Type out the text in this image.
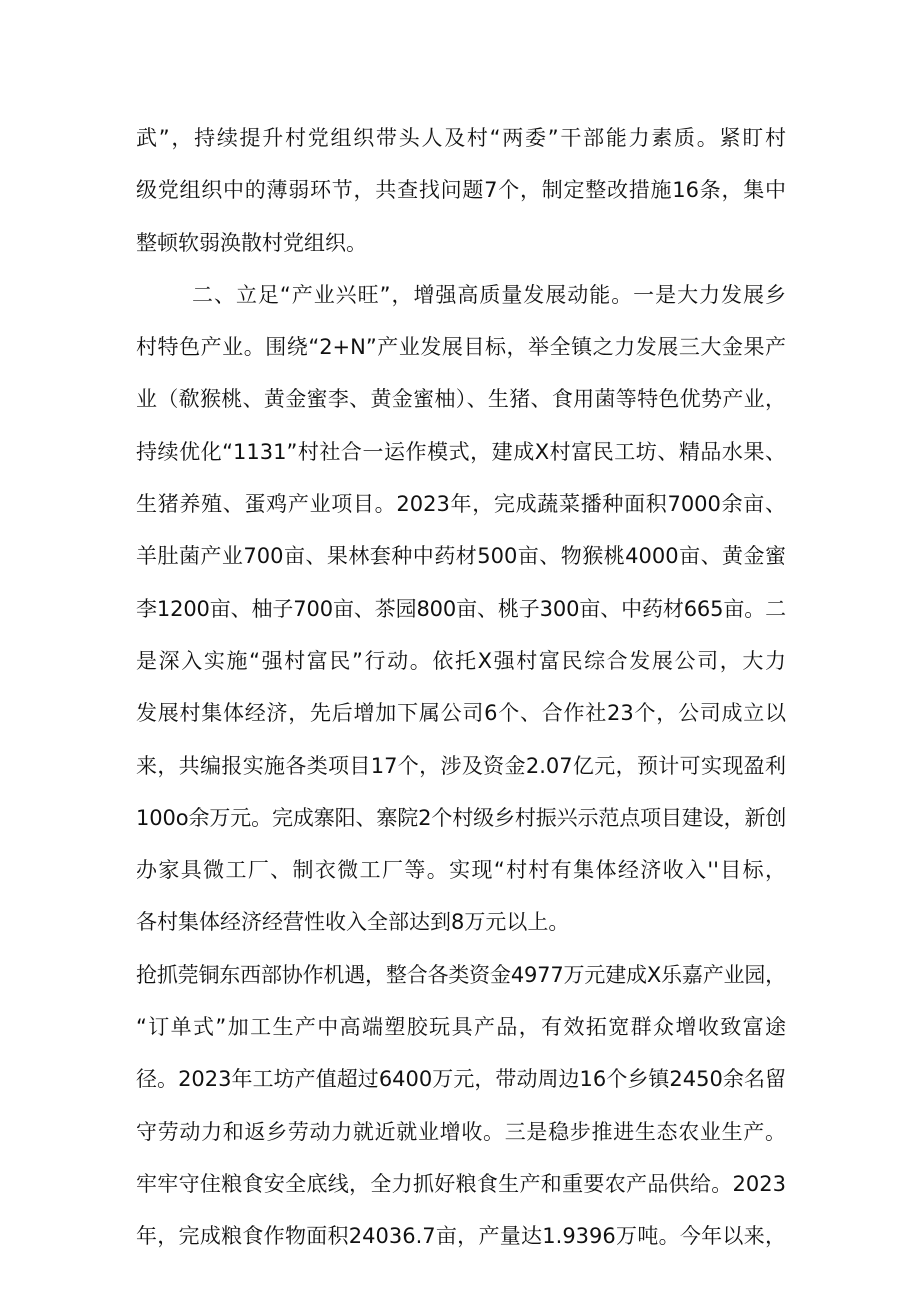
武”，持续提升村党组织带头人及村“两委”干部能力素质。紧盯村
级党组织中的薄弱环节，共查找问题7个，制定整改措施16条，集中
整顿软弱涣散村党组织。
二、立足“产业兴旺”，增强高质量发展动能。一是大力发展乡
村特色产业。围绕“2+N”产业发展目标，举全镇之力发展三大金果产
业（欷猴桃、黄金蜜李、黄金蜜柚）、生猪、食用菌等特色优势产业，
持续优化“1131”村社合一运作模式，建成X村富民工坊、精品水果、
生猪养殖、蛋鸡产业项目。2023年，完成蔬菜播种面积7000余亩、
羊肚菌产业700亩、果林套种中药材500亩、物猴桃4000亩、黄金蜜
李1200亩、柚子700亩、茶园800亩、桃子300亩、中药材665亩。二
是深入实施“强村富民”行动。依托X强村富民综合发展公司，大力
发展村集体经济，先后增加下属公司6个、合作社23个，公司成立以
来，共编报实施各类项目17个，涉及资金2.07亿元，预计可实现盈利
100o余万元。完成寨阳、寨院2个村级乡村振兴示范点项目建设，新创
办家具微工厂、制衣微工厂等。实现“村村有集体经济收入''目标，
各村集体经济经营性收入全部达到8万元以上。
抢抓莞铜东西部协作机遇，整合各类资金4977万元建成X乐嘉产业园，
“订单式”加工生产中高端塑胶玩具产品，有效拓宽群众增收致富途
径。2023年工坊产值超过6400万元，带动周边16个乡镇2450余名留
守劳动力和返乡劳动力就近就业增收。三是稳步推进生态农业生产。
牢牢守住粮食安全底线，全力抓好粮食生产和重要农产品供给。2023
年，完成粮食作物面积24036.7亩，产量达1.9396万吨。今年以来，
